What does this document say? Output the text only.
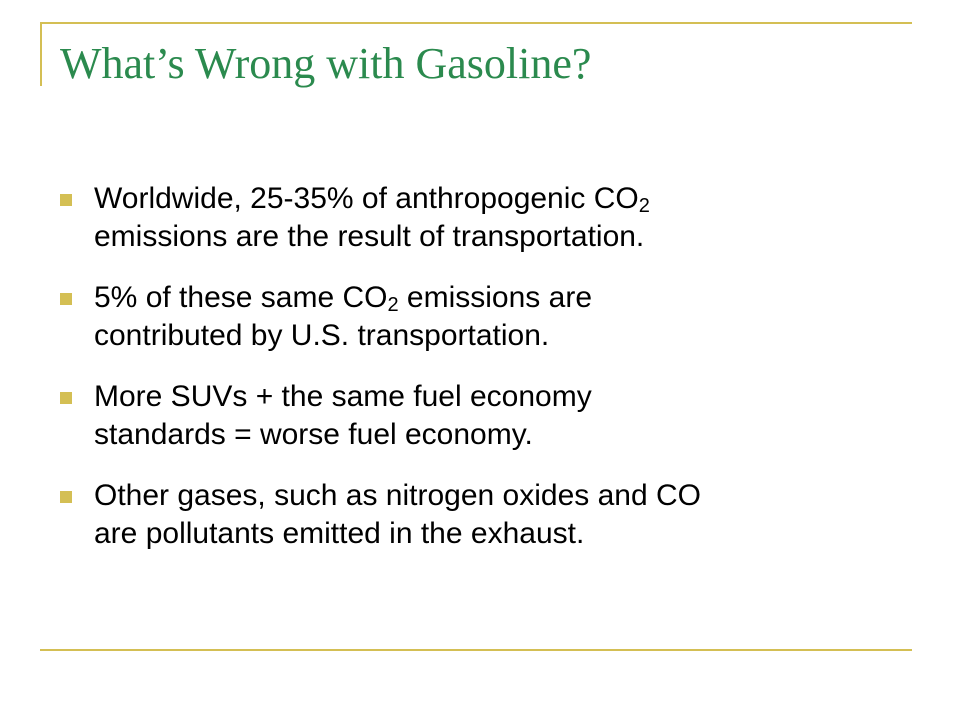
What’s Wrong with Gasoline?
Worldwide, 25-35% of anthropogenic $CO_2$
emissions are the result of transportation.
5% of these same $CO_2$ emissions are
contributed by U.S. transportation.
More SUVs + the same fuel economy
standards = worse fuel economy.
Other gases, such as nitrogen oxides and CO
are pollutants emitted in the exhaust.
